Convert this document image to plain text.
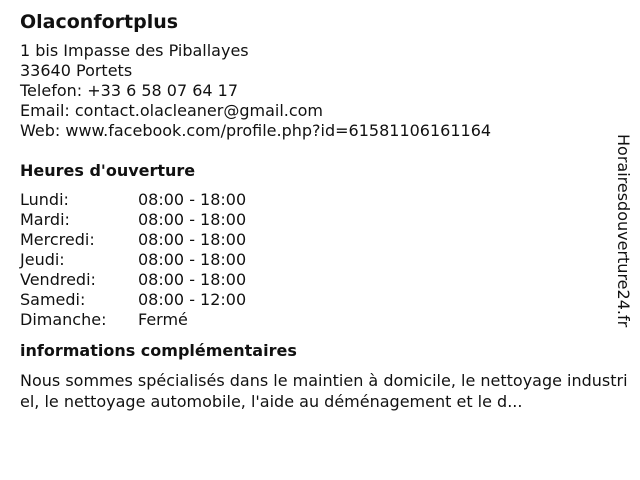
Olaconfortplus
1 bis Impasse des Piballayes
33640 Portets
Telefon: +33 6 58 07 64 17
Email: contact.olacleaner@gmail.com
Web: www.facebook.com/profile.php?id=61581106161164
Heures d'ouverture
Lundi:	08:00 - 18:00
Mardi:	08:00 - 18:00
Mercredi:	08:00 - 18:00
Jeudi:	08:00 - 18:00
Vendredi:	08:00 - 18:00
Samedi:	08:00 - 12:00
Dimanche:	Fermé
informations complémentaires
Nous sommes spécialisés dans le maintien à domicile, le nettoyage industriel, le nettoyage automobile, l'aide au déménagement et le d...
Horairesdouverture24.fr
